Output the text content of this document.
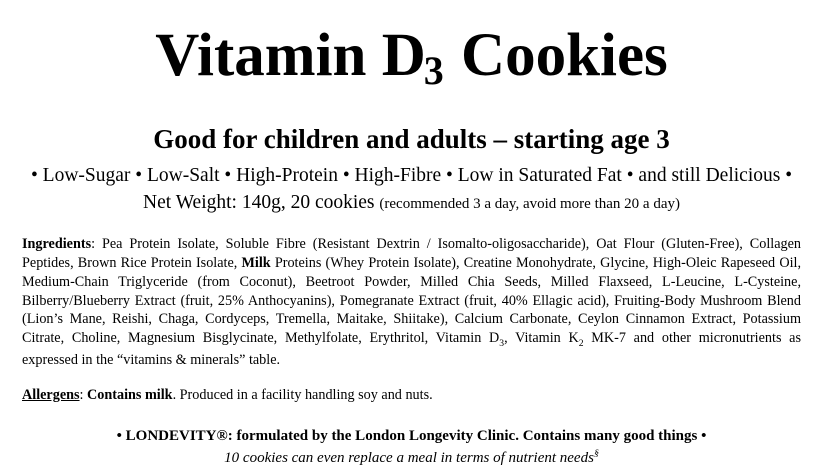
Vitamin D3 Cookies
Good for children and adults – starting age 3
• Low-Sugar • Low-Salt • High-Protein • High-Fibre • Low in Saturated Fat • and still Delicious •
Net Weight: 140g, 20 cookies (recommended 3 a day, avoid more than 20 a day)
Ingredients: Pea Protein Isolate, Soluble Fibre (Resistant Dextrin / Isomalto-oligosaccharide), Oat Flour (Gluten-Free), Collagen Peptides, Brown Rice Protein Isolate, Milk Proteins (Whey Protein Isolate), Creatine Monohydrate, Glycine, High-Oleic Rapeseed Oil, Medium-Chain Triglyceride (from Coconut), Beetroot Powder, Milled Chia Seeds, Milled Flaxseed, L-Leucine, L-Cysteine, Bilberry/Blueberry Extract (fruit, 25% Anthocyanins), Pomegranate Extract (fruit, 40% Ellagic acid), Fruiting-Body Mushroom Blend (Lion’s Mane, Reishi, Chaga, Cordyceps, Tremella, Maitake, Shiitake), Calcium Carbonate, Ceylon Cinnamon Extract, Potassium Citrate, Choline, Magnesium Bisglycinate, Methylfolate, Erythritol, Vitamin $D_3$, Vitamin $K_2$ MK-7 and other micronutrients as expressed in the “vitamins & minerals” table.
Allergens: Contains milk. Produced in a facility handling soy and nuts.
• LONDEVITY®: formulated by the London Longevity Clinic. Contains many good things •
10 cookies can even replace a meal in terms of nutrient needs§
